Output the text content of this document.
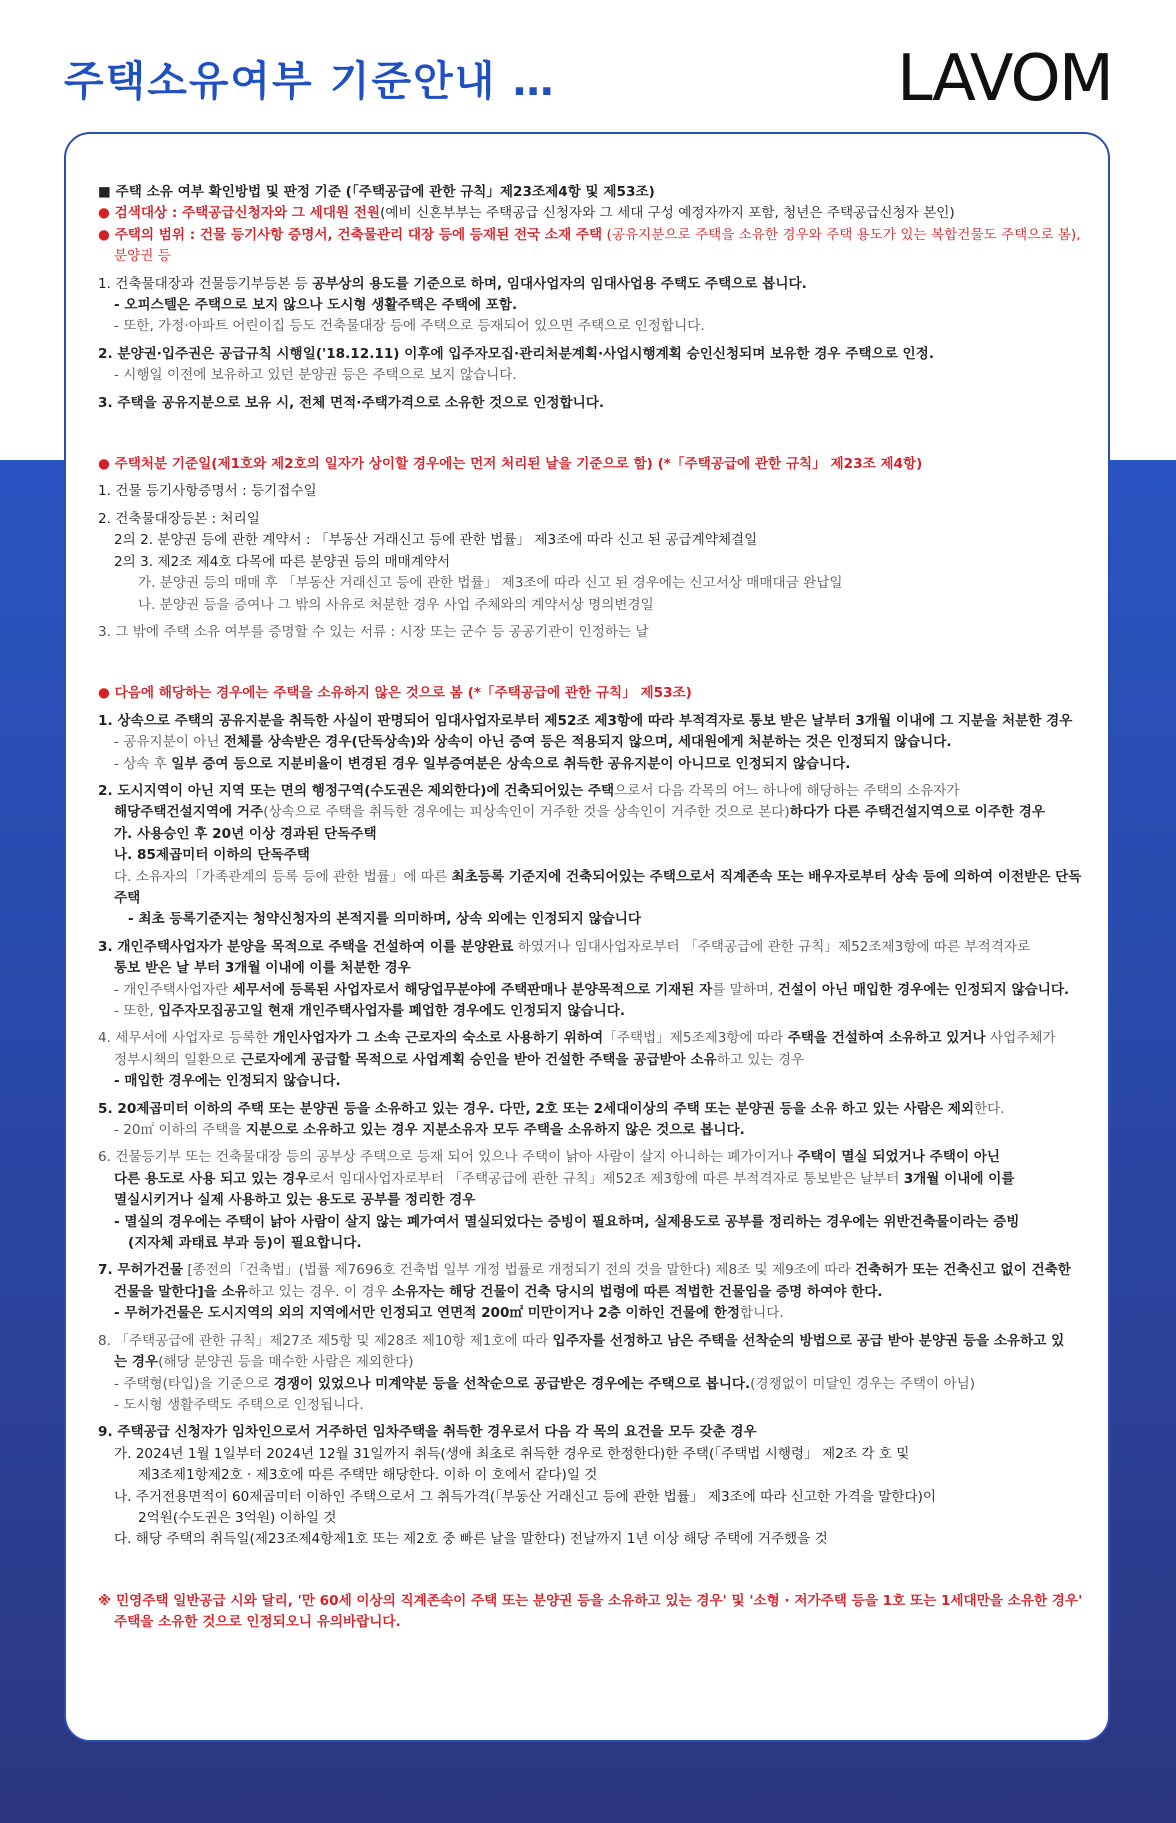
주택소유여부 기준안내 …	LAVOM

■ 주택 소유 여부 확인방법 및 판정 기준 (「주택공급에 관한 규칙」제23조제4항 및 제53조)

● 검색대상 : 주택공급신청자와 그 세대원 전원(예비 신혼부부는 주택공급 신청자와 그 세대 구성 예정자까지 포함, 청년은 주택공급신청자 본인)

● 주택의 범위 : 건물 등기사항 증명서, 건축물관리 대장 등에 등재된 전국 소재 주택 (공유지분으로 주택을 소유한 경우와 주택 용도가 있는 복합건물도 주택으로 봄), 분양권 등

1. 건축물대장과 건물등기부등본 등 공부상의 용도를 기준으로 하며, 임대사업자의 임대사업용 주택도 주택으로 봅니다.

- 오피스텔은 주택으로 보지 않으나 도시형 생활주택은 주택에 포함.

- 또한, 가정·아파트 어린이집 등도 건축물대장 등에 주택으로 등재되어 있으면 주택으로 인정합니다.

2. 분양권·입주권은 공급규칙 시행일('18.12.11) 이후에 입주자모집·관리처분계획·사업시행계획 승인신청되며 보유한 경우 주택으로 인정.

- 시행일 이전에 보유하고 있던 분양권 등은 주택으로 보지 않습니다.

3. 주택을 공유지분으로 보유 시, 전체 면적·주택가격으로 소유한 것으로 인정합니다.

● 주택처분 기준일(제1호와 제2호의 일자가 상이할 경우에는 먼저 처리된 날을 기준으로 함) (*「주택공급에 관한 규칙」 제23조 제4항)

1. 건물 등기사항증명서 : 등기접수일

2. 건축물대장등본 : 처리일

2의 2. 분양권 등에 관한 계약서 : 「부동산 거래신고 등에 관한 법률」 제3조에 따라 신고 된 공급계약체결일

2의 3. 제2조 제4호 다목에 따른 분양권 등의 매매계약서

가. 분양권 등의 매매 후 「부동산 거래신고 등에 관한 법률」 제3조에 따라 신고 된 경우에는 신고서상 매매대금 완납일

나. 분양권 등을 증여나 그 밖의 사유로 처분한 경우 사업 주체와의 계약서상 명의변경일

3. 그 밖에 주택 소유 여부를 증명할 수 있는 서류 : 시장 또는 군수 등 공공기관이 인정하는 날

● 다음에 해당하는 경우에는 주택을 소유하지 않은 것으로 봄 (*「주택공급에 관한 규칙」 제53조)

1. 상속으로 주택의 공유지분을 취득한 사실이 판명되어 임대사업자로부터 제52조 제3항에 따라 부적격자로 통보 받은 날부터 3개월 이내에 그 지분을 처분한 경우

- 공유지분이 아닌 전체를 상속받은 경우(단독상속)와 상속이 아닌 증여 등은 적용되지 않으며, 세대원에게 처분하는 것은 인정되지 않습니다.

- 상속 후 일부 증여 등으로 지분비율이 변경된 경우 일부증여분은 상속으로 취득한 공유지분이 아니므로 인정되지 않습니다.

2. 도시지역이 아닌 지역 또는 면의 행정구역(수도권은 제외한다)에 건축되어있는 주택으로서 다음 각목의 어느 하나에 해당하는 주택의 소유자가

해당주택건설지역에 거주(상속으로 주택을 취득한 경우에는 피상속인이 거주한 것을 상속인이 거주한 것으로 본다)하다가 다른 주택건설지역으로 이주한 경우

가. 사용승인 후 20년 이상 경과된 단독주택

나. 85제곱미터 이하의 단독주택

다. 소유자의「가족관계의 등록 등에 관한 법률」에 따른 최초등록 기준지에 건축되어있는 주택으로서 직계존속 또는 배우자로부터 상속 등에 의하여 이전받은 단독주택

- 최초 등록기준지는 청약신청자의 본적지를 의미하며, 상속 외에는 인정되지 않습니다

3. 개인주택사업자가 분양을 목적으로 주택을 건설하여 이를 분양완료 하였거나 임대사업자로부터 「주택공급에 관한 규칙」제52조제3항에 따른 부적격자로

통보 받은 날 부터 3개월 이내에 이를 처분한 경우

- 개인주택사업자란 세무서에 등록된 사업자로서 해당업무분야에 주택판매나 분양목적으로 기재된 자를 말하며, 건설이 아닌 매입한 경우에는 인정되지 않습니다.

- 또한, 입주자모집공고일 현재 개인주택사업자를 폐업한 경우에도 인정되지 않습니다.

4. 세무서에 사업자로 등록한 개인사업자가 그 소속 근로자의 숙소로 사용하기 위하여「주택법」제5조제3항에 따라 주택을 건설하여 소유하고 있거나 사업주체가

정부시책의 일환으로 근로자에게 공급할 목적으로 사업계획 승인을 받아 건설한 주택을 공급받아 소유하고 있는 경우

- 매입한 경우에는 인정되지 않습니다.

5. 20제곱미터 이하의 주택 또는 분양권 등을 소유하고 있는 경우. 다만, 2호 또는 2세대이상의 주택 또는 분양권 등을 소유 하고 있는 사람은 제외한다.

- 20㎡ 이하의 주택을 지분으로 소유하고 있는 경우 지분소유자 모두 주택을 소유하지 않은 것으로 봅니다.

6. 건물등기부 또는 건축물대장 등의 공부상 주택으로 등재 되어 있으나 주택이 낡아 사람이 살지 아니하는 폐가이거나 주택이 멸실 되었거나 주택이 아닌

다른 용도로 사용 되고 있는 경우로서 임대사업자로부터 「주택공급에 관한 규칙」제52조 제3항에 따른 부적격자로 통보받은 날부터 3개월 이내에 이를

멸실시키거나 실제 사용하고 있는 용도로 공부를 정리한 경우

- 멸실의 경우에는 주택이 낡아 사람이 살지 않는 폐가여서 멸실되었다는 증빙이 필요하며, 실제용도로 공부를 정리하는 경우에는 위반건축물이라는 증빙

(지자체 과태료 부과 등)이 필요합니다.

7. 무허가건물 [종전의「건축법」(법률 제7696호 건축법 일부 개정 법률로 개정되기 전의 것을 말한다) 제8조 및 제9조에 따라 건축허가 또는 건축신고 없이 건축한

건물을 말한다]을 소유하고 있는 경우. 이 경우 소유자는 해당 건물이 건축 당시의 법령에 따른 적법한 건물임을 증명 하여야 한다.

- 무허가건물은 도시지역의 외의 지역에서만 인정되고 연면적 200㎡ 미만이거나 2층 이하인 건물에 한정합니다.

8. 「주택공급에 관한 규칙」제27조 제5항 및 제28조 제10항 제1호에 따라 입주자를 선정하고 남은 주택을 선착순의 방법으로 공급 받아 분양권 등을 소유하고 있

는 경우(해당 분양권 등을 매수한 사람은 제외한다)

- 주택형(타입)을 기준으로 경쟁이 있었으나 미계약분 등을 선착순으로 공급받은 경우에는 주택으로 봅니다.(경쟁없이 미달인 경우는 주택이 아님)

- 도시형 생활주택도 주택으로 인정됩니다.

9. 주택공급 신청자가 임차인으로서 거주하던 임차주택을 취득한 경우로서 다음 각 목의 요건을 모두 갖춘 경우

가. 2024년 1월 1일부터 2024년 12월 31일까지 취득(생애 최초로 취득한 경우로 한정한다)한 주택(「주택법 시행령」 제2조 각 호 및

제3조제1항제2호 · 제3호에 따른 주택만 해당한다. 이하 이 호에서 같다)일 것

나. 주거전용면적이 60제곱미터 이하인 주택으로서 그 취득가격(「부동산 거래신고 등에 관한 법률」 제3조에 따라 신고한 가격을 말한다)이

2억원(수도권은 3억원) 이하일 것

다. 해당 주택의 취득일(제23조제4항제1호 또는 제2호 중 빠른 날을 말한다) 전날까지 1년 이상 해당 주택에 거주했을 것

※ 민영주택 일반공급 시와 달리, '만 60세 이상의 직계존속이 주택 또는 분양권 등을 소유하고 있는 경우' 및 '소형 · 저가주택 등을 1호 또는 1세대만을 소유한 경우' 주택을 소유한 것으로 인정되오니 유의바랍니다.
